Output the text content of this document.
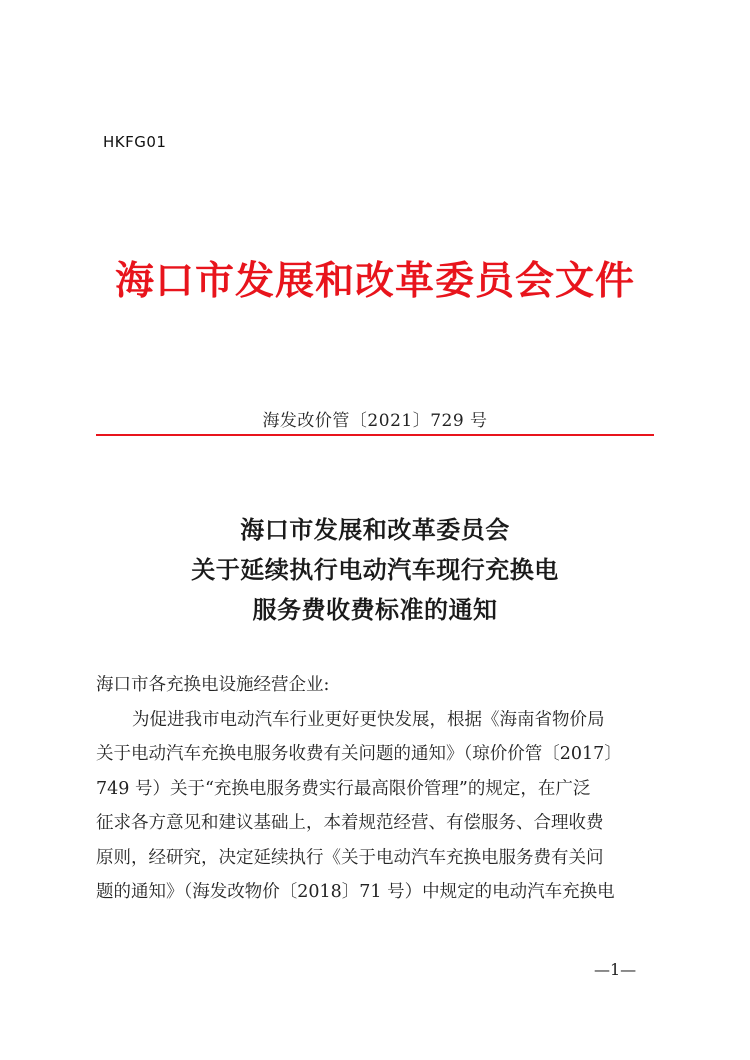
HKFG01
海口市发展和改革委员会文件
海发改价管〔2021〕729 号
海口市发展和改革委员会
关于延续执行电动汽车现行充换电
服务费收费标准的通知
海口市各充换电设施经营企业:
为促进我市电动汽车行业更好更快发展，根据《海南省物价局
关于电动汽车充换电服务收费有关问题的通知》（琼价价管〔2017〕
749 号）关于“充换电服务费实行最高限价管理”的规定，在广泛
征求各方意见和建议基础上，本着规范经营、有偿服务、合理收费
原则，经研究，决定延续执行《关于电动汽车充换电服务费有关问
题的通知》（海发改物价〔2018〕71 号）中规定的电动汽车充换电
—1—
